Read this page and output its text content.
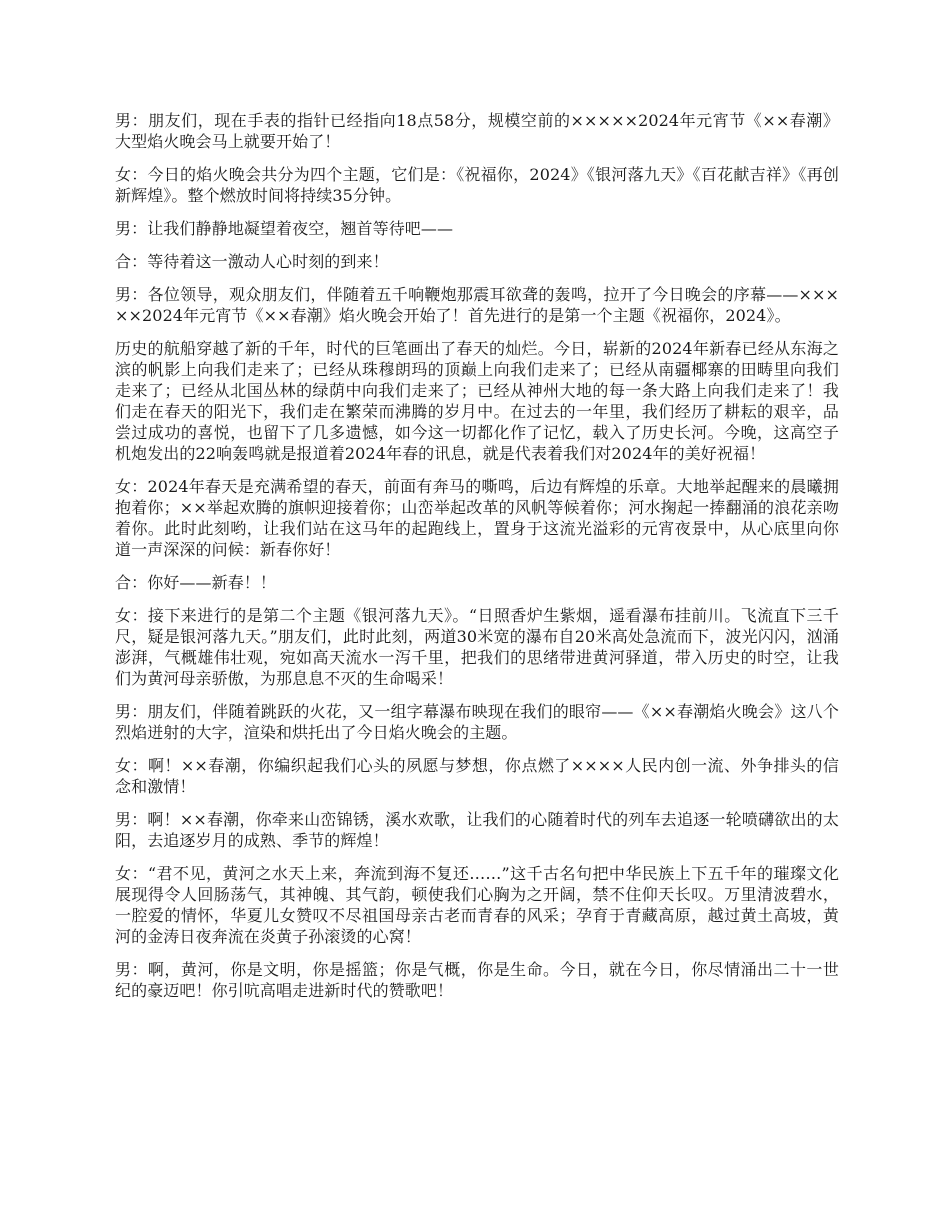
男：朋友们，现在手表的指针已经指向18点58分，规模空前的×××××2024年元宵节《××春潮》大型焰火晚会马上就要开始了！

女：今日的焰火晚会共分为四个主题，它们是：《祝福你，2024》《银河落九天》《百花献吉祥》《再创新辉煌》。整个燃放时间将持续35分钟。

男：让我们静静地凝望着夜空，翘首等待吧——

合：等待着这一激动人心时刻的到来！

男：各位领导，观众朋友们，伴随着五千响鞭炮那震耳欲聋的轰鸣，拉开了今日晚会的序幕——×××××2024年元宵节《××春潮》焰火晚会开始了！首先进行的是第一个主题《祝福你，2024》。

历史的航船穿越了新的千年，时代的巨笔画出了春天的灿烂。今日，崭新的2024年新春已经从东海之滨的帆影上向我们走来了；已经从珠穆朗玛的顶巅上向我们走来了；已经从南疆椰寨的田畴里向我们走来了；已经从北国丛林的绿荫中向我们走来了；已经从神州大地的每一条大路上向我们走来了！我们走在春天的阳光下，我们走在繁荣而沸腾的岁月中。在过去的一年里，我们经历了耕耘的艰辛，品尝过成功的喜悦，也留下了几多遗憾，如今这一切都化作了记忆，载入了历史长河。今晚，这高空子机炮发出的22响轰鸣就是报道着2024年春的讯息，就是代表着我们对2024年的美好祝福！

女：2024年春天是充满希望的春天，前面有奔马的嘶鸣，后边有辉煌的乐章。大地举起醒来的晨曦拥抱着你；××举起欢腾的旗帜迎接着你；山峦举起改革的风帆等候着你；河水掬起一捧翻涌的浪花亲吻着你。此时此刻哟，让我们站在这马年的起跑线上，置身于这流光溢彩的元宵夜景中，从心底里向你道一声深深的问候：新春你好！

合：你好——新春！！

女：接下来进行的是第二个主题《银河落九天》。“日照香炉生紫烟，遥看瀑布挂前川。飞流直下三千尺，疑是银河落九天。”朋友们，此时此刻，两道30米宽的瀑布自20米高处急流而下，波光闪闪，汹涌澎湃，气概雄伟壮观，宛如高天流水一泻千里，把我们的思绪带进黄河驿道，带入历史的时空，让我们为黄河母亲骄傲，为那息息不灭的生命喝采！

男：朋友们，伴随着跳跃的火花，又一组字幕瀑布映现在我们的眼帘——《××春潮焰火晚会》这八个烈焰迸射的大字，渲染和烘托出了今日焰火晚会的主题。

女：啊！××春潮，你编织起我们心头的夙愿与梦想，你点燃了××××人民内创一流、外争排头的信念和激情！

男：啊！××春潮，你牵来山峦锦锈，溪水欢歌，让我们的心随着时代的列车去追逐一轮喷礴欲出的太阳，去追逐岁月的成熟、季节的辉煌！

女：“君不见，黄河之水天上来，奔流到海不复还……”这千古名句把中华民族上下五千年的璀璨文化展现得令人回肠荡气，其神魄、其气韵，顿使我们心胸为之开阔，禁不住仰天长叹。万里清波碧水，一腔爱的情怀，华夏儿女赞叹不尽祖国母亲古老而青春的风采；孕育于青藏高原，越过黄土高坡，黄河的金涛日夜奔流在炎黄子孙滚烫的心窝！

男：啊，黄河，你是文明，你是摇篮；你是气概，你是生命。今日，就在今日，你尽情涌出二十一世纪的豪迈吧！你引吭高唱走进新时代的赞歌吧！
